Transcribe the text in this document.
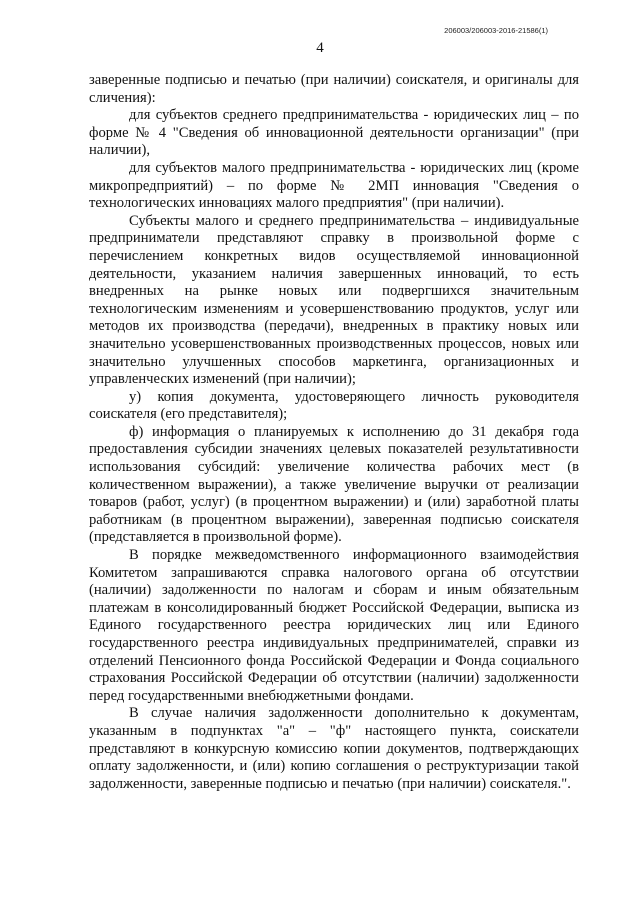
206003/206003-2016-21586(1)
4

заверенные подписью и печатью (при наличии) соискателя, и оригиналы для сличения):

для субъектов среднего предпринимательства - юридических лиц – по форме № 4 "Сведения об инновационной деятельности организации" (при наличии),

для субъектов малого предпринимательства - юридических лиц (кроме микропредприятий) – по форме № 2МП инновация "Сведения о технологических инновациях малого предприятия" (при наличии).

Субъекты малого и среднего предпринимательства – индивидуальные предприниматели представляют справку в произвольной форме с перечислением конкретных видов осуществляемой инновационной деятельности, указанием наличия завершенных инноваций, то есть внедренных на рынке новых или подвергшихся значительным технологическим изменениям и усовершенствованию продуктов, услуг или методов их производства (передачи), внедренных в практику новых или значительно усовершенствованных производственных процессов, новых или значительно улучшенных способов маркетинга, организационных и управленческих изменений (при наличии);

у) копия документа, удостоверяющего личность руководителя соискателя (его представителя);

ф) информация о планируемых к исполнению до 31 декабря года предоставления субсидии значениях целевых показателей результативности использования субсидий: увеличение количества рабочих мест (в количественном выражении), а также увеличение выручки от реализации товаров (работ, услуг) (в процентном выражении) и (или) заработной платы работникам (в процентном выражении), заверенная подписью соискателя (представляется в произвольной форме).

В порядке межведомственного информационного взаимодействия Комитетом запрашиваются справка налогового органа об отсутствии (наличии) задолженности по налогам и сборам и иным обязательным платежам в консолидированный бюджет Российской Федерации, выписка из Единого государственного реестра юридических лиц или Единого государственного реестра индивидуальных предпринимателей, справки из отделений Пенсионного фонда Российской Федерации и Фонда социального страхования Российской Федерации об отсутствии (наличии) задолженности перед государственными внебюджетными фондами.

В случае наличия задолженности дополнительно к документам, указанным в подпунктах "а" – "ф" настоящего пункта, соискатели представляют в конкурсную комиссию копии документов, подтверждающих оплату задолженности, и (или) копию соглашения о реструктуризации такой задолженности, заверенные подписью и печатью (при наличии) соискателя.".
